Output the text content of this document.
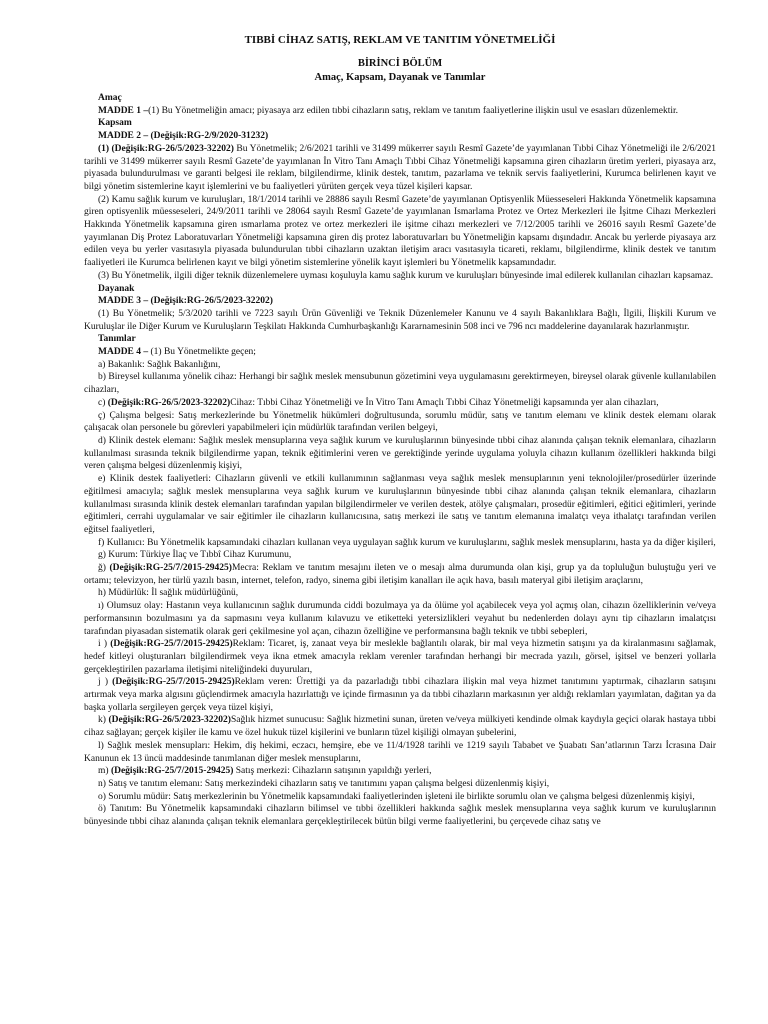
TIBBİ CİHAZ SATIŞ, REKLAM VE TANITIM YÖNETMELİĞİ
BİRİNCİ BÖLÜM
Amaç, Kapsam, Dayanak ve Tanımlar
Amaç

MADDE 1 –(1) Bu Yönetmeliğin amacı; piyasaya arz edilen tıbbi cihazların satış, reklam ve tanıtım faaliyetlerine ilişkin usul ve esasları düzenlemektir.

Kapsam
MADDE 2 – (Değişik:RG-2/9/2020-31232)

(1) (Değişik:RG-26/5/2023-32202) Bu Yönetmelik; 2/6/2021 tarihli ve 31499 mükerrer sayılı Resmî Gazete’de yayımlanan Tıbbi Cihaz Yönetmeliği ile 2/6/2021 tarihli ve 31499 mükerrer sayılı Resmî Gazete’de yayımlanan İn Vitro Tanı Amaçlı Tıbbi Cihaz Yönetmeliği kapsamına giren cihazların üretim yerleri, piyasaya arz, piyasada bulundurulması ve garanti belgesi ile reklam, bilgilendirme, klinik destek, tanıtım, pazarlama ve teknik servis faaliyetlerini, Kurumca belirlenen kayıt ve bilgi yönetim sistemlerine kayıt işlemlerini ve bu faaliyetleri yürüten gerçek veya tüzel kişileri kapsar.

(2) Kamu sağlık kurum ve kuruluşları, 18/1/2014 tarihli ve 28886 sayılı Resmî Gazete’de yayımlanan Optisyenlik Müesseseleri Hakkında Yönetmelik kapsamına giren optisyenlik müesseseleri, 24/9/2011 tarihli ve 28064 sayılı Resmî Gazete’de yayımlanan Ismarlama Protez ve Ortez Merkezleri ile İşitme Cihazı Merkezleri Hakkında Yönetmelik kapsamına giren ısmarlama protez ve ortez merkezleri ile işitme cihazı merkezleri ve 7/12/2005 tarihli ve 26016 sayılı Resmî Gazete’de yayımlanan Diş Protez Laboratuvarları Yönetmeliği kapsamına giren diş protez laboratuvarları bu Yönetmeliğin kapsamı dışındadır. Ancak bu yerlerde piyasaya arz edilen veya bu yerler vasıtasıyla piyasada bulundurulan tıbbi cihazların uzaktan iletişim aracı vasıtasıyla ticareti, reklamı, bilgilendirme, klinik destek ve tanıtım faaliyetleri ile Kurumca belirlenen kayıt ve bilgi yönetim sistemlerine yönelik kayıt işlemleri bu Yönetmelik kapsamındadır.

(3) Bu Yönetmelik, ilgili diğer teknik düzenlemelere uyması koşuluyla kamu sağlık kurum ve kuruluşları bünyesinde imal edilerek kullanılan cihazları kapsamaz.

Dayanak
MADDE 3 – (Değişik:RG-26/5/2023-32202)

(1) Bu Yönetmelik; 5/3/2020 tarihli ve 7223 sayılı Ürün Güvenliği ve Teknik Düzenlemeler Kanunu ve 4 sayılı Bakanlıklara Bağlı, İlgili, İlişkili Kurum ve Kuruluşlar ile Diğer Kurum ve Kuruluşların Teşkilatı Hakkında Cumhurbaşkanlığı Kararnamesinin 508 inci ve 796 ncı maddelerine dayanılarak hazırlanmıştır.

Tanımlar

MADDE 4 – (1) Bu Yönetmelikte geçen;

a) Bakanlık: Sağlık Bakanlığını,

b) Bireysel kullanıma yönelik cihaz: Herhangi bir sağlık meslek mensubunun gözetimini veya uygulamasını gerektirmeyen, bireysel olarak güvenle kullanılabilen cihazları,

c) (Değişik:RG-26/5/2023-32202)Cihaz: Tıbbi Cihaz Yönetmeliği ve İn Vitro Tanı Amaçlı Tıbbi Cihaz Yönetmeliği kapsamında yer alan cihazları,

ç) Çalışma belgesi: Satış merkezlerinde bu Yönetmelik hükümleri doğrultusunda, sorumlu müdür, satış ve tanıtım elemanı ve klinik destek elemanı olarak çalışacak olan personele bu görevleri yapabilmeleri için müdürlük tarafından verilen belgeyi,

d) Klinik destek elemanı: Sağlık meslek mensuplarına veya sağlık kurum ve kuruluşlarının bünyesinde tıbbi cihaz alanında çalışan teknik elemanlara, cihazların kullanılması sırasında teknik bilgilendirme yapan, teknik eğitimlerini veren ve gerektiğinde yerinde uygulama yoluyla cihazın kullanım özellikleri hakkında bilgi veren çalışma belgesi düzenlenmiş kişiyi,

e) Klinik destek faaliyetleri: Cihazların güvenli ve etkili kullanımının sağlanması veya sağlık meslek mensuplarının yeni teknolojiler/prosedürler üzerinde eğitilmesi amacıyla; sağlık meslek mensuplarına veya sağlık kurum ve kuruluşlarının bünyesinde tıbbi cihaz alanında çalışan teknik elemanlara, cihazların kullanılması sırasında klinik destek elemanları tarafından yapılan bilgilendirmeler ve verilen destek, atölye çalışmaları, prosedür eğitimleri, eğitici eğitimleri, yerinde eğitimleri, cerrahi uygulamalar ve sair eğitimler ile cihazların kullanıcısına, satış merkezi ile satış ve tanıtım elemanına imalatçı veya ithalatçı tarafından verilen eğitsel faaliyetleri,

f) Kullanıcı: Bu Yönetmelik kapsamındaki cihazları kullanan veya uygulayan sağlık kurum ve kuruluşlarını, sağlık meslek mensuplarını, hasta ya da diğer kişileri,

g) Kurum: Türkiye İlaç ve Tıbbî Cihaz Kurumunu,

ğ) (Değişik:RG-25/7/2015-29425)Mecra: Reklam ve tanıtım mesajını ileten ve o mesajı alma durumunda olan kişi, grup ya da topluluğun buluştuğu yeri ve ortamı; televizyon, her türlü yazılı basın, internet, telefon, radyo, sinema gibi iletişim kanalları ile açık hava, basılı materyal gibi iletişim araçlarını,

h) Müdürlük: İl sağlık müdürlüğünü,

ı) Olumsuz olay: Hastanın veya kullanıcının sağlık durumunda ciddi bozulmaya ya da ölüme yol açabilecek veya yol açmış olan, cihazın özelliklerinin ve/veya performansının bozulmasını ya da sapmasını veya kullanım kılavuzu ve etiketteki yetersizlikleri veyahut bu nedenlerden dolayı aynı tip cihazların imalatçısı tarafından piyasadan sistematik olarak geri çekilmesine yol açan, cihazın özelliğine ve performansına bağlı teknik ve tıbbi sebepleri,

i ) (Değişik:RG-25/7/2015-29425)Reklam: Ticaret, iş, zanaat veya bir meslekle bağlantılı olarak, bir mal veya hizmetin satışını ya da kiralanmasını sağlamak, hedef kitleyi oluşturanları bilgilendirmek veya ikna etmek amacıyla reklam verenler tarafından herhangi bir mecrada yazılı, görsel, işitsel ve benzeri yollarla gerçekleştirilen pazarlama iletişimi niteliğindeki duyuruları,

j ) (Değişik:RG-25/7/2015-29425)Reklam veren: Ürettiği ya da pazarladığı tıbbi cihazlara ilişkin mal veya hizmet tanıtımını yaptırmak, cihazların satışını artırmak veya marka algısını güçlendirmek amacıyla hazırlattığı ve içinde firmasının ya da tıbbi cihazların markasının yer aldığı reklamları yayımlatan, dağıtan ya da başka yollarla sergileyen gerçek veya tüzel kişiyi,

k) (Değişik:RG-26/5/2023-32202)Sağlık hizmet sunucusu: Sağlık hizmetini sunan, üreten ve/veya mülkiyeti kendinde olmak kaydıyla geçici olarak hastaya tıbbi cihaz sağlayan; gerçek kişiler ile kamu ve özel hukuk tüzel kişilerini ve bunların tüzel kişiliği olmayan şubelerini,

l) Sağlık meslek mensupları: Hekim, diş hekimi, eczacı, hemşire, ebe ve 11/4/1928 tarihli ve 1219 sayılı Tababet ve Şuabatı San’atlarının Tarzı İcrasına Dair Kanunun ek 13 üncü maddesinde tanımlanan diğer meslek mensuplarını,

m) (Değişik:RG-25/7/2015-29425) Satış merkezi: Cihazların satışının yapıldığı yerleri,

n) Satış ve tanıtım elemanı: Satış merkezindeki cihazların satış ve tanıtımını yapan çalışma belgesi düzenlenmiş kişiyi,

o) Sorumlu müdür: Satış merkezlerinin bu Yönetmelik kapsamındaki faaliyetlerinden işleteni ile birlikte sorumlu olan ve çalışma belgesi düzenlenmiş kişiyi,

ö) Tanıtım: Bu Yönetmelik kapsamındaki cihazların bilimsel ve tıbbi özellikleri hakkında sağlık meslek mensuplarına veya sağlık kurum ve kuruluşlarının bünyesinde tıbbi cihaz alanında çalışan teknik elemanlara gerçekleştirilecek bütün bilgi verme faaliyetlerini, bu çerçevede cihaz satış ve
